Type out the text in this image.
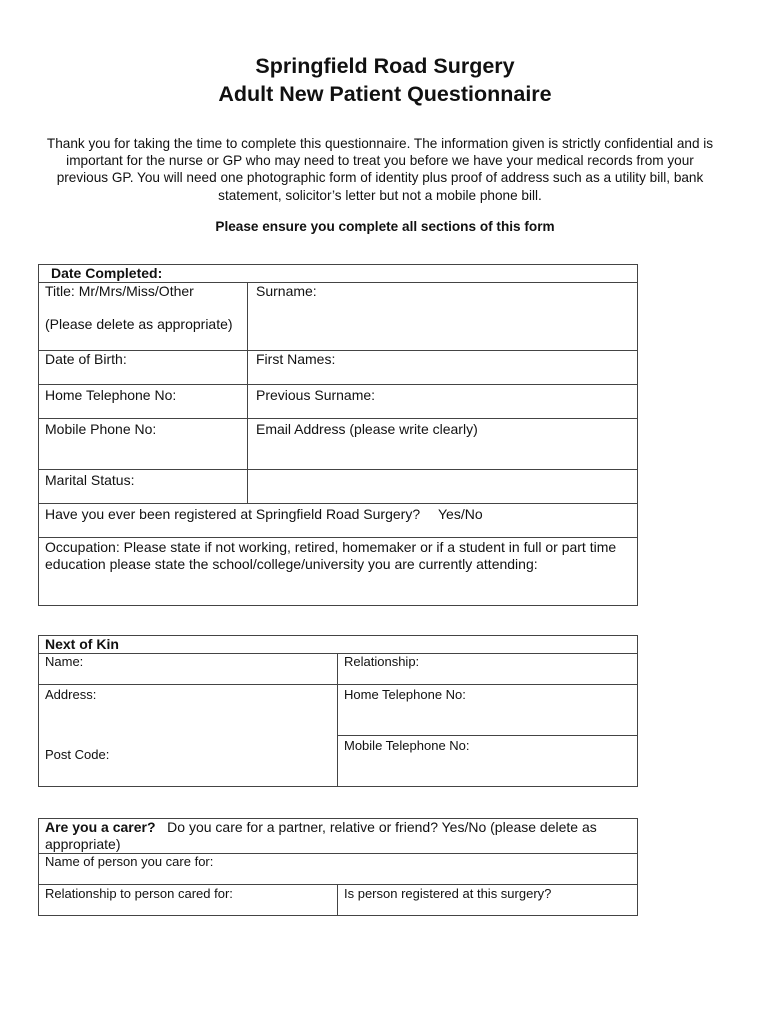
Springfield Road Surgery
Adult New Patient Questionnaire
Thank you for taking the time to complete this questionnaire. The information given is strictly confidential and is important for the nurse or GP who may need to treat you before we have your medical records from your previous GP. You will need one photographic form of identity plus proof of address such as a utility bill, bank statement, solicitor’s letter but not a mobile phone bill.
Please ensure you complete all sections of this form
Date Completed:	

Title: Mr/Mrs/Miss/Other
(Please delete as appropriate)	Surname:
Date of Birth:	First Names:
Home Telephone No:	Previous Surname:
Mobile Phone No:	Email Address (please write clearly)
Marital Status:	
Have you ever been registered at Springfield Road Surgery? Yes/No	
Occupation: Please state if not working, retired, homemaker or if a student in full or part time education please state the school/college/university you are currently attending:	
Next of Kin	
Name:	Relationship:

Address:
Post Code:	Home Telephone No:
	Mobile Telephone No:
Are you a carer? Do you care for a partner, relative or friend? Yes/No (please delete as appropriate)
Name of person you care for:
Relationship to person cared for:	Is person registered at this surgery?
